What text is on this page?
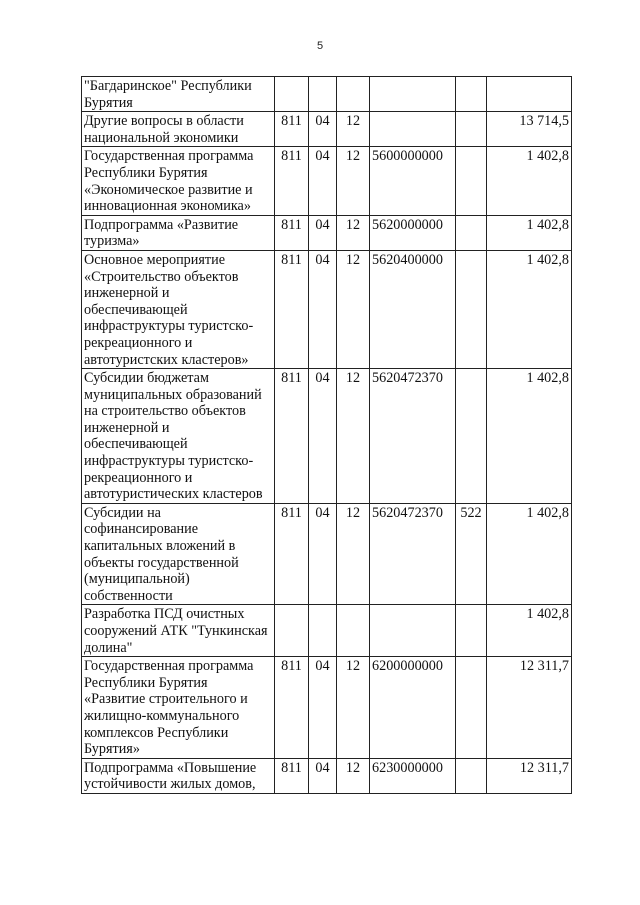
5
"Багдаринское" Республики Бурятия						
Другие вопросы в области национальной экономики	811	04	12			13 714,5
Государственная программа Республики Бурятия «Экономическое развитие и инновационная экономика»	811	04	12	5600000000		1 402,8
Подпрограмма «Развитие туризма»	811	04	12	5620000000		1 402,8
Основное мероприятие «Строительство объектов инженерной и обеспечивающей инфраструктуры туристско-рекреационного и автотуристских кластеров»	811	04	12	5620400000		1 402,8
Субсидии бюджетам муниципальных образований на строительство объектов инженерной и обеспечивающей инфраструктуры туристско-рекреационного и автотуристических кластеров	811	04	12	5620472370		1 402,8
Субсидии на софинансирование капитальных вложений в объекты государственной (муниципальной) собственности	811	04	12	5620472370	522	1 402,8
Разработка ПСД очистных сооружений АТК "Тункинская долина"						1 402,8
Государственная программа Республики Бурятия «Развитие строительного и жилищно-коммунального комплексов Республики Бурятия»	811	04	12	6200000000		12 311,7
Подпрограмма «Повышение устойчивости жилых домов,	811	04	12	6230000000		12 311,7
